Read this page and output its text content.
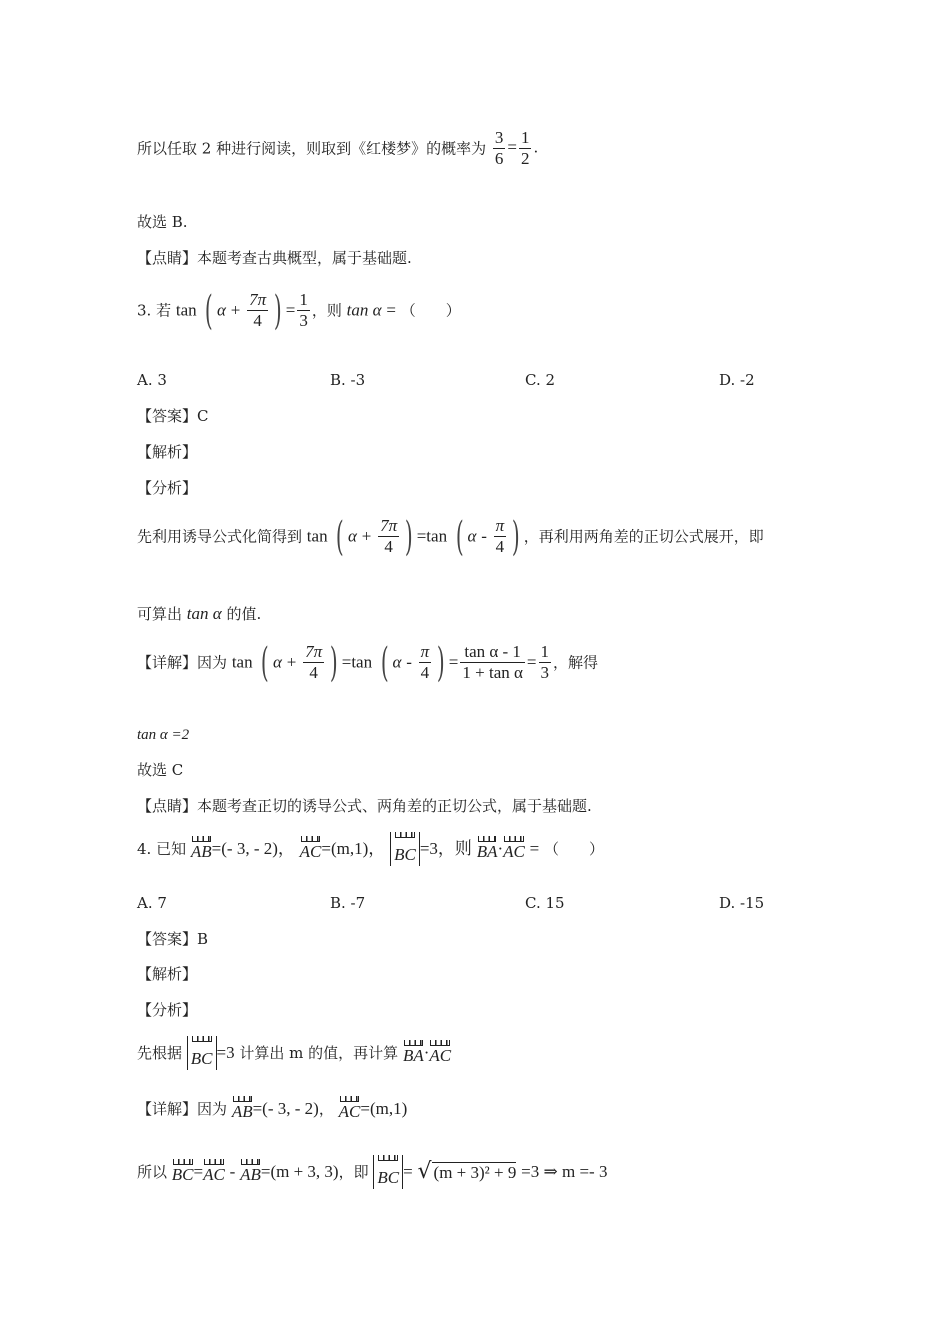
所以任取 2 种进行阅读，则取到《红楼梦》的概率为 $\frac{3}{6} = \frac{1}{2}$ .
故选 B.
【点睛】本题考查古典概型，属于基础题.
3. 若 tan ( $\alpha + \frac{7\pi}{4}$ ) = $\frac{1}{3}$ ，则 tan α = （　　）
A. 3	B. -3	C. 2	D. -2
【答案】C
【解析】
【分析】
先利用诱导公式化简得到 tan ( $\alpha + \frac{7\pi}{4}$ ) =tan ( α - $\frac{\pi}{4}$ ) ，再利用两角差的正切公式展开，即
可算出 tan α 的值.
【详解】因为 tan ( $\alpha + \frac{7\pi}{4}$ ) =tan ( α - $\frac{\pi}{4}$ ) = $\frac{\text{tan α - 1}}{\text{1 + tan α}} = \frac{1}{3}$ ，解得
tan α =2
故选 C
【点睛】本题考查正切的诱导公式、两角差的正切公式，属于基础题.
4. 已知 AB=(- 3, - 2)， AC=(m,1)， BC =3，则 BA·AC = （　　）
A. 7	B. -7	C. 15	D. -15
【答案】B
【解析】
【分析】
先根据 BC =3 计算出 m 的值，再计算 BA·AC
【详解】因为 AB=(- 3, - 2)， AC=(m,1)
所以 BC=AC - AB=(m + 3, 3)，即 BC = √ (m + 3)² + 9 =3 ⇒ m =- 3
